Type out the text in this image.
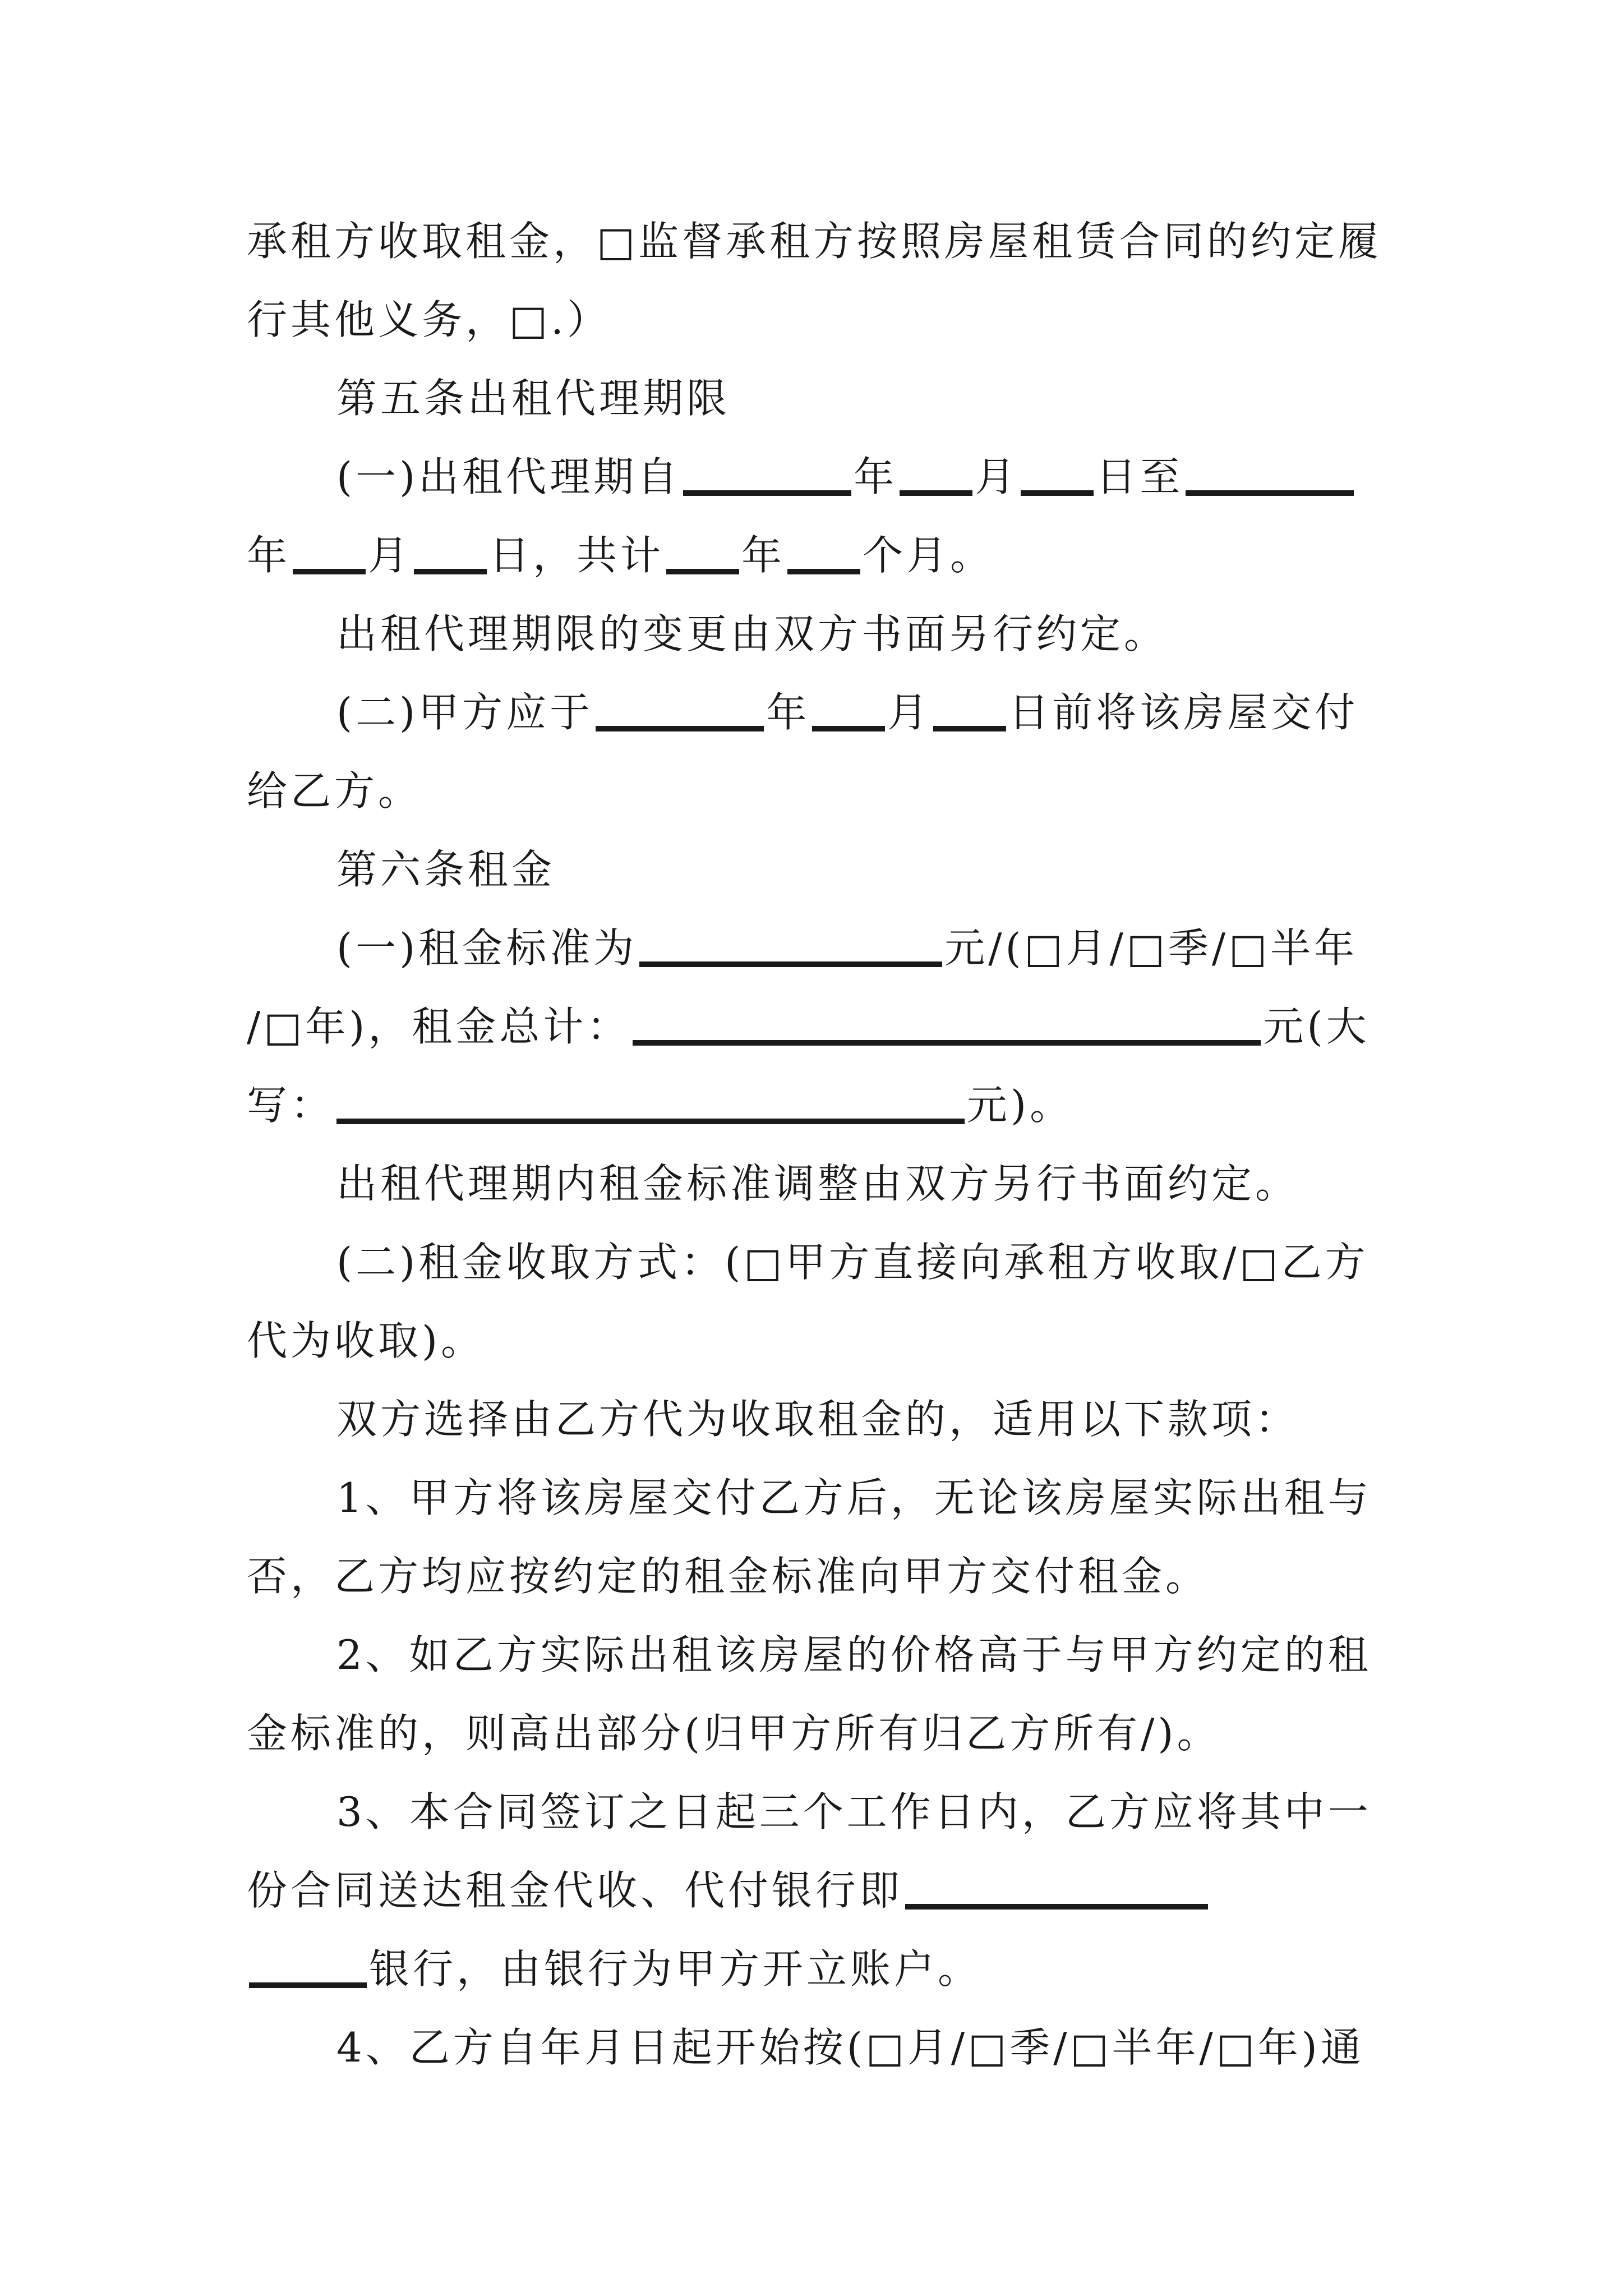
承租方收取租金，□监督承租方按照房屋租赁合同的约定履
行其他义务，□.）
第五条出租代理期限
(一)出租代理期自	年 月 日至
年 月 日，共计 年 个月。
出租代理期限的变更由双方书面另行约定。
(二)甲方应于	年 月 日前将该房屋交付
给乙方。
第六条租金
(一)租金标准为	元/(□月/□季/□半年
/□年)，租金总计：	元(大
写：	元)。
出租代理期内租金标准调整由双方另行书面约定。
(二)租金收取方式：(□甲方直接向承租方收取/□乙方
代为收取)。
双方选择由乙方代为收取租金的，适用以下款项：
1、甲方将该房屋交付乙方后，无论该房屋实际出租与
否，乙方均应按约定的租金标准向甲方交付租金。
2、如乙方实际出租该房屋的价格高于与甲方约定的租
金标准的，则高出部分(归甲方所有归乙方所有/)。
3、本合同签订之日起三个工作日内，乙方应将其中一
份合同送达租金代收、代付银行即
银行，由银行为甲方开立账户。
4、乙方自年月日起开始按(□月/□季/□半年/□年)通
